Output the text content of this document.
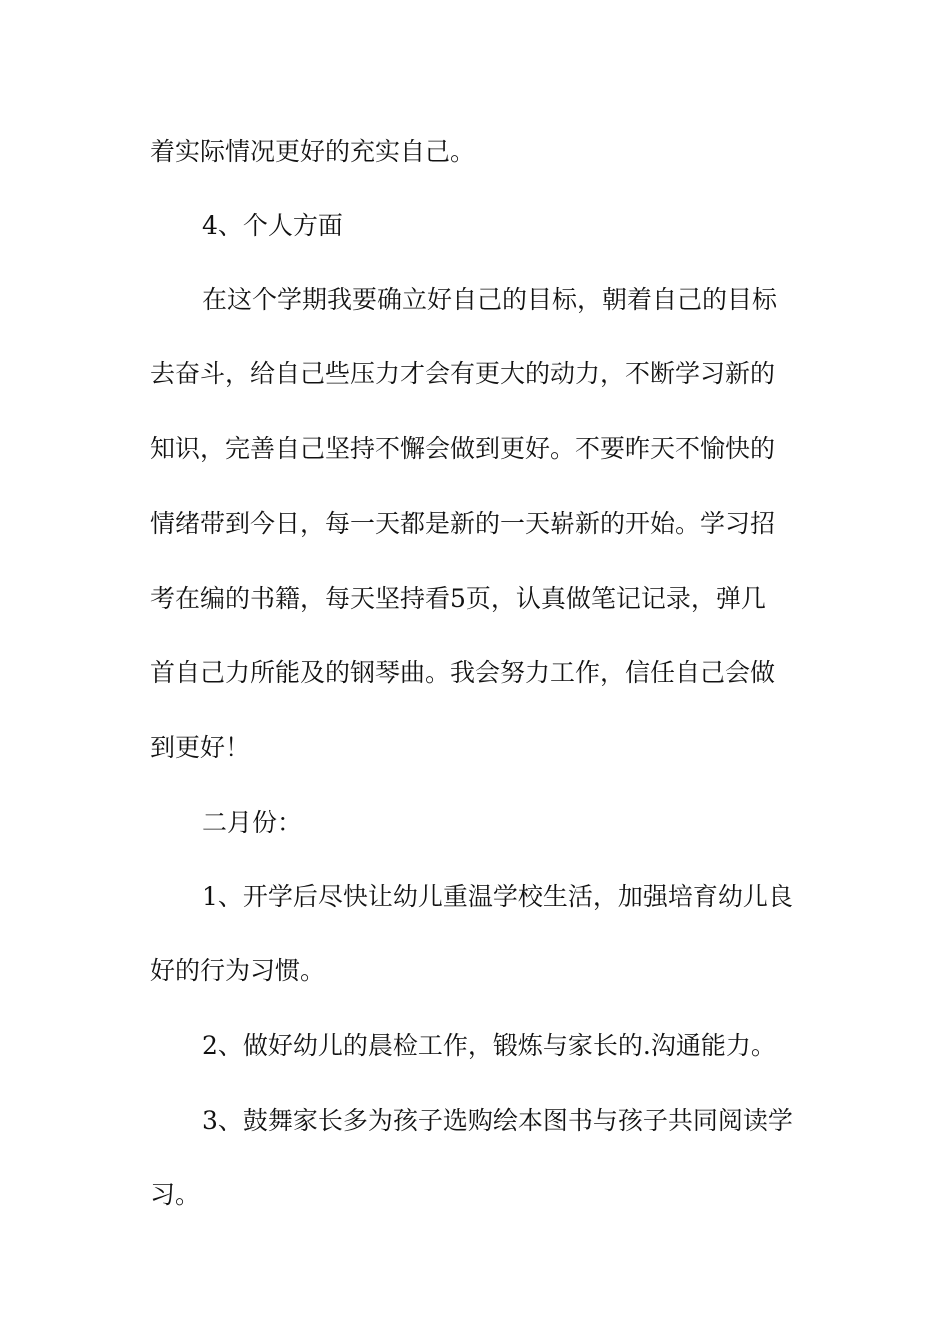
着实际情况更好的充实自己。

4、个人方面

在这个学期我要确立好自己的目标，朝着自己的目标

去奋斗，给自己些压力才会有更大的动力，不断学习新的

知识，完善自己坚持不懈会做到更好。不要昨天不愉快的

情绪带到今日，每一天都是新的一天崭新的开始。学习招

考在编的书籍，每天坚持看5页，认真做笔记记录，弹几

首自己力所能及的钢琴曲。我会努力工作，信任自己会做

到更好！

二月份：

1、开学后尽快让幼儿重温学校生活，加强培育幼儿良

好的行为习惯。

2、做好幼儿的晨检工作，锻炼与家长的.沟通能力。

3、鼓舞家长多为孩子选购绘本图书与孩子共同阅读学

习。
